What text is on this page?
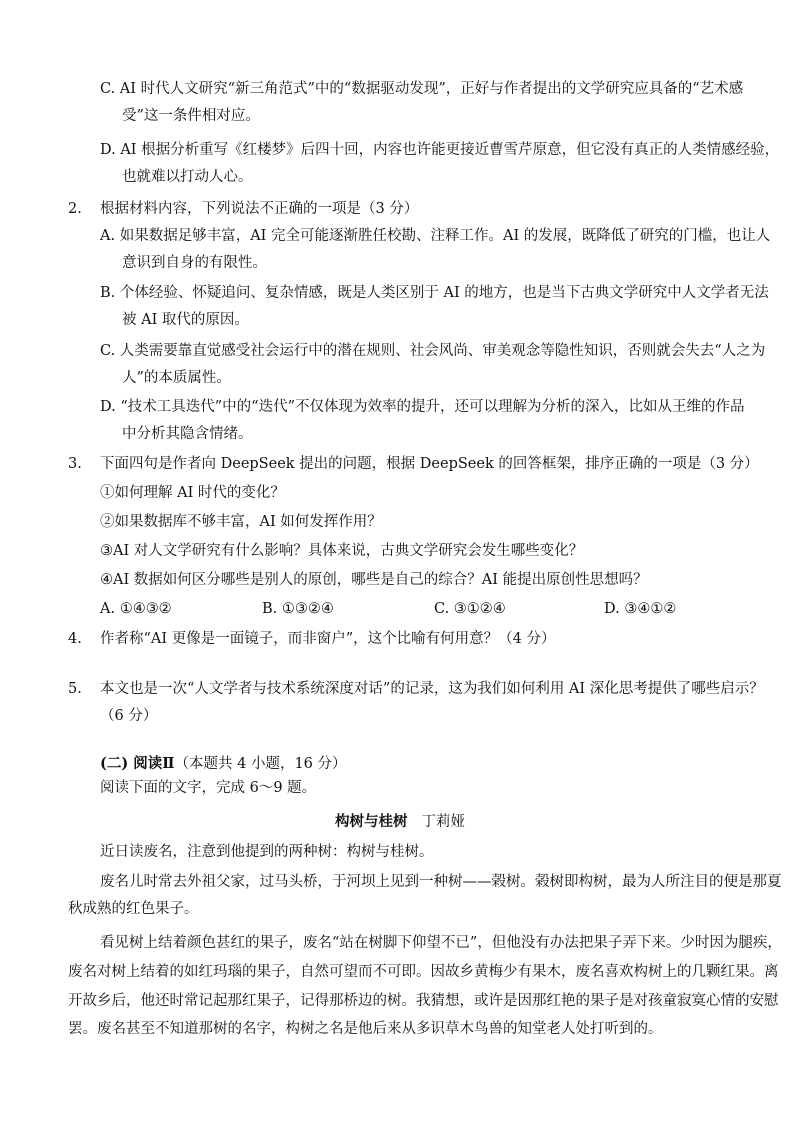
C. AI 时代人文研究“新三角范式”中的“数据驱动发现”，正好与作者提出的文学研究应具备的“艺术感
受”这一条件相对应。
D. AI 根据分析重写《红楼梦》后四十回，内容也许能更接近曹雪芹原意，但它没有真正的人类情感经验，
也就难以打动人心。
2. 根据材料内容，下列说法不正确的一项是（3 分）
A. 如果数据足够丰富，AI 完全可能逐渐胜任校勘、注释工作。AI 的发展，既降低了研究的门槛，也让人
意识到自身的有限性。
B. 个体经验、怀疑追问、复杂情感，既是人类区别于 AI 的地方，也是当下古典文学研究中人文学者无法
被 AI 取代的原因。
C. 人类需要靠直觉感受社会运行中的潜在规则、社会风尚、审美观念等隐性知识，否则就会失去“人之为
人”的本质属性。
D. “技术工具迭代”中的“迭代”不仅体现为效率的提升，还可以理解为分析的深入，比如从王维的作品
中分析其隐含情绪。
3. 下面四句是作者向 DeepSeek 提出的问题，根据 DeepSeek 的回答框架，排序正确的一项是（3 分）
①如何理解 AI 时代的变化？
②如果数据库不够丰富，AI 如何发挥作用？
③AI 对人文学研究有什么影响？具体来说，古典文学研究会发生哪些变化？
④AI 数据如何区分哪些是别人的原创，哪些是自己的综合？AI 能提出原创性思想吗？
A. ①④③②	B. ①③②④	C. ③①②④	D. ③④①②
4. 作者称“AI 更像是一面镜子，而非窗户”，这个比喻有何用意？（4 分）
5. 本文也是一次“人文学者与技术系统深度对话”的记录，这为我们如何利用 AI 深化思考提供了哪些启示？
（6 分）
(二) 阅读Ⅱ（本题共 4 小题，16 分）
阅读下面的文字，完成 6～9 题。
构树与桂树 丁莉娅
近日读废名，注意到他提到的两种树：构树与桂树。
废名儿时常去外祖父家，过马头桥，于河坝上见到一种树——榖树。榖树即构树，最为人所注目的便是那夏
秋成熟的红色果子。
看见树上结着颜色甚红的果子，废名“站在树脚下仰望不已”，但他没有办法把果子弄下来。少时因为腿疾，
废名对树上结着的如红玛瑙的果子，自然可望而不可即。因故乡黄梅少有果木，废名喜欢构树上的几颗红果。离
开故乡后，他还时常记起那红果子，记得那桥边的树。我猜想，或许是因那红艳的果子是对孩童寂寞心情的安慰
罢。废名甚至不知道那树的名字，构树之名是他后来从多识草木鸟兽的知堂老人处打听到的。
